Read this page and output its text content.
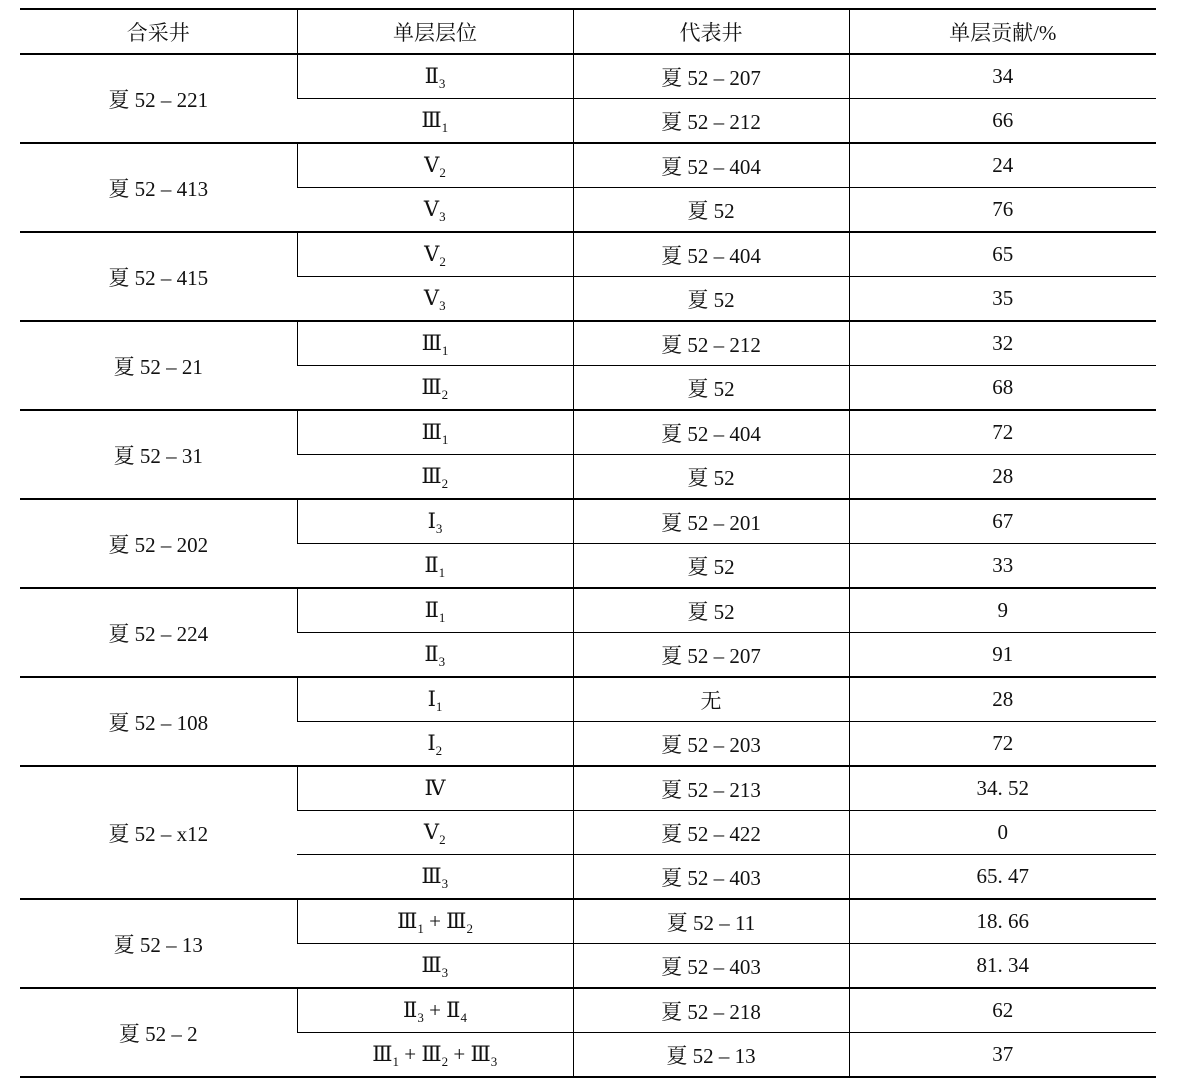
合采井	单层层位	代表井	单层贡献/%
夏 52 – 221	$Ⅱ_3$	夏 52 – 207	34
	$Ⅲ_1$	夏 52 – 212	66
夏 52 – 413	$Ⅴ_2$	夏 52 – 404	24
	$Ⅴ_3$	夏 52	76
夏 52 – 415	$Ⅴ_2$	夏 52 – 404	65
	$Ⅴ_3$	夏 52	35
夏 52 – 21	$Ⅲ_1$	夏 52 – 212	32
	$Ⅲ_2$	夏 52	68
夏 52 – 31	$Ⅲ_1$	夏 52 – 404	72
	$Ⅲ_2$	夏 52	28
夏 52 – 202	$Ⅰ_3$	夏 52 – 201	67
	$Ⅱ_1$	夏 52	33
夏 52 – 224	$Ⅱ_1$	夏 52	9
	$Ⅱ_3$	夏 52 – 207	91
夏 52 – 108	$Ⅰ_1$	无	28
	$Ⅰ_2$	夏 52 – 203	72
夏 52 – x12	Ⅳ	夏 52 – 213	34. 52
	$Ⅴ_2$	夏 52 – 422	0
	$Ⅲ_3$	夏 52 – 403	65. 47
夏 52 – 13	$Ⅲ_1$ + $Ⅲ_2$	夏 52 – 11	18. 66
	$Ⅲ_3$	夏 52 – 403	81. 34
夏 52 – 2	$Ⅱ_3$ + $Ⅱ_4$	夏 52 – 218	62
	$Ⅲ_1$ + $Ⅲ_2$ + $Ⅲ_3$	夏 52 – 13	37
